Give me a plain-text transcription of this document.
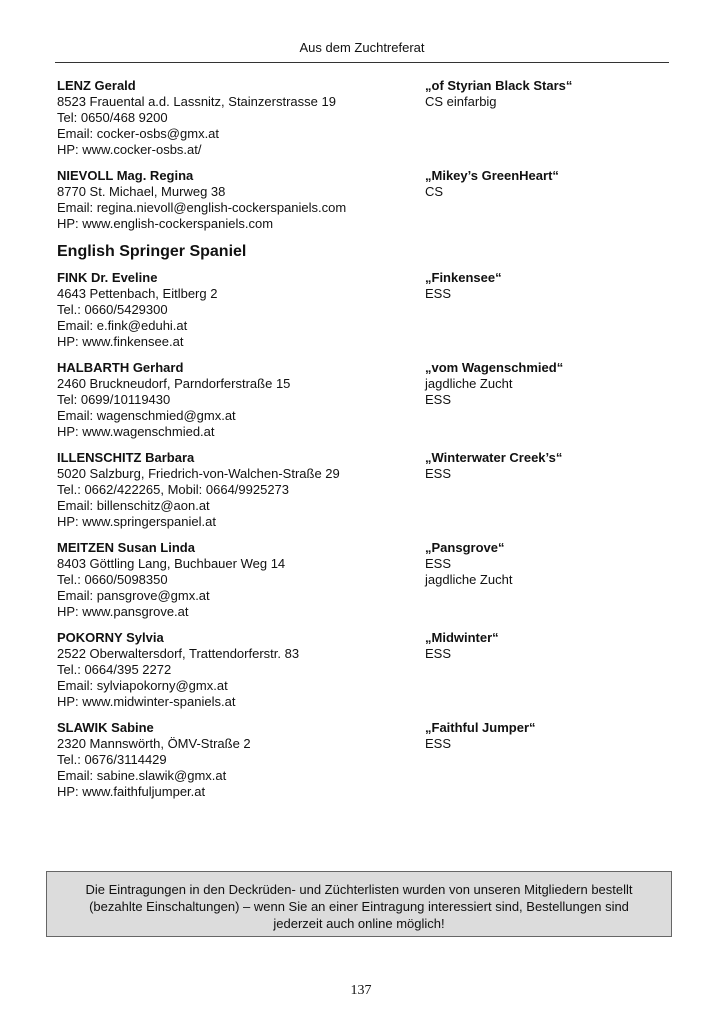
Aus dem Zuchtreferat
LENZ Gerald
8523 Frauental a.d. Lassnitz, Stainzerstrasse 19
Tel: 0650/468 9200
Email: cocker-osbs@gmx.at
HP: www.cocker-osbs.at/
„of Styrian Black Stars“
CS einfarbig
NIEVOLL Mag. Regina
8770 St. Michael, Murweg 38
Email: regina.nievoll@english-cockerspaniels.com
HP: www.english-cockerspaniels.com
„Mikey’s GreenHeart“
CS
English Springer Spaniel
FINK Dr. Eveline
4643 Pettenbach, Eitlberg 2
Tel.: 0660/5429300
Email: e.fink@eduhi.at
HP: www.finkensee.at
„Finkensee“
ESS
HALBARTH Gerhard
2460 Bruckneudorf, Parndorferstraße 15
Tel: 0699/10119430
Email: wagenschmied@gmx.at
HP: www.wagenschmied.at
„vom Wagenschmied“
jagdliche Zucht
ESS
ILLENSCHITZ Barbara
5020 Salzburg, Friedrich-von-Walchen-Straße 29
Tel.: 0662/422265, Mobil: 0664/9925273
Email: billenschitz@aon.at
HP: www.springerspaniel.at
„Winterwater Creek’s“
ESS
MEITZEN Susan Linda
8403 Göttling Lang, Buchbauer Weg 14
Tel.: 0660/5098350
Email: pansgrove@gmx.at
HP: www.pansgrove.at
„Pansgrove“
ESS
jagdliche Zucht
POKORNY Sylvia
2522 Oberwaltersdorf, Trattendorferstr. 83
Tel.: 0664/395 2272
Email: sylviapokorny@gmx.at
HP: www.midwinter-spaniels.at
„Midwinter“
ESS
SLAWIK Sabine
2320 Mannswörth, ÖMV-Straße 2
Tel.: 0676/3114429
Email: sabine.slawik@gmx.at
HP: www.faithfuljumper.at
„Faithful Jumper“
ESS
Die Eintragungen in den Deckrüden- und Züchterlisten wurden von unseren Mitgliedern bestellt
(bezahlte Einschaltungen) – wenn Sie an einer Eintragung interessiert sind, Bestellungen sind
jederzeit auch online möglich!
137
